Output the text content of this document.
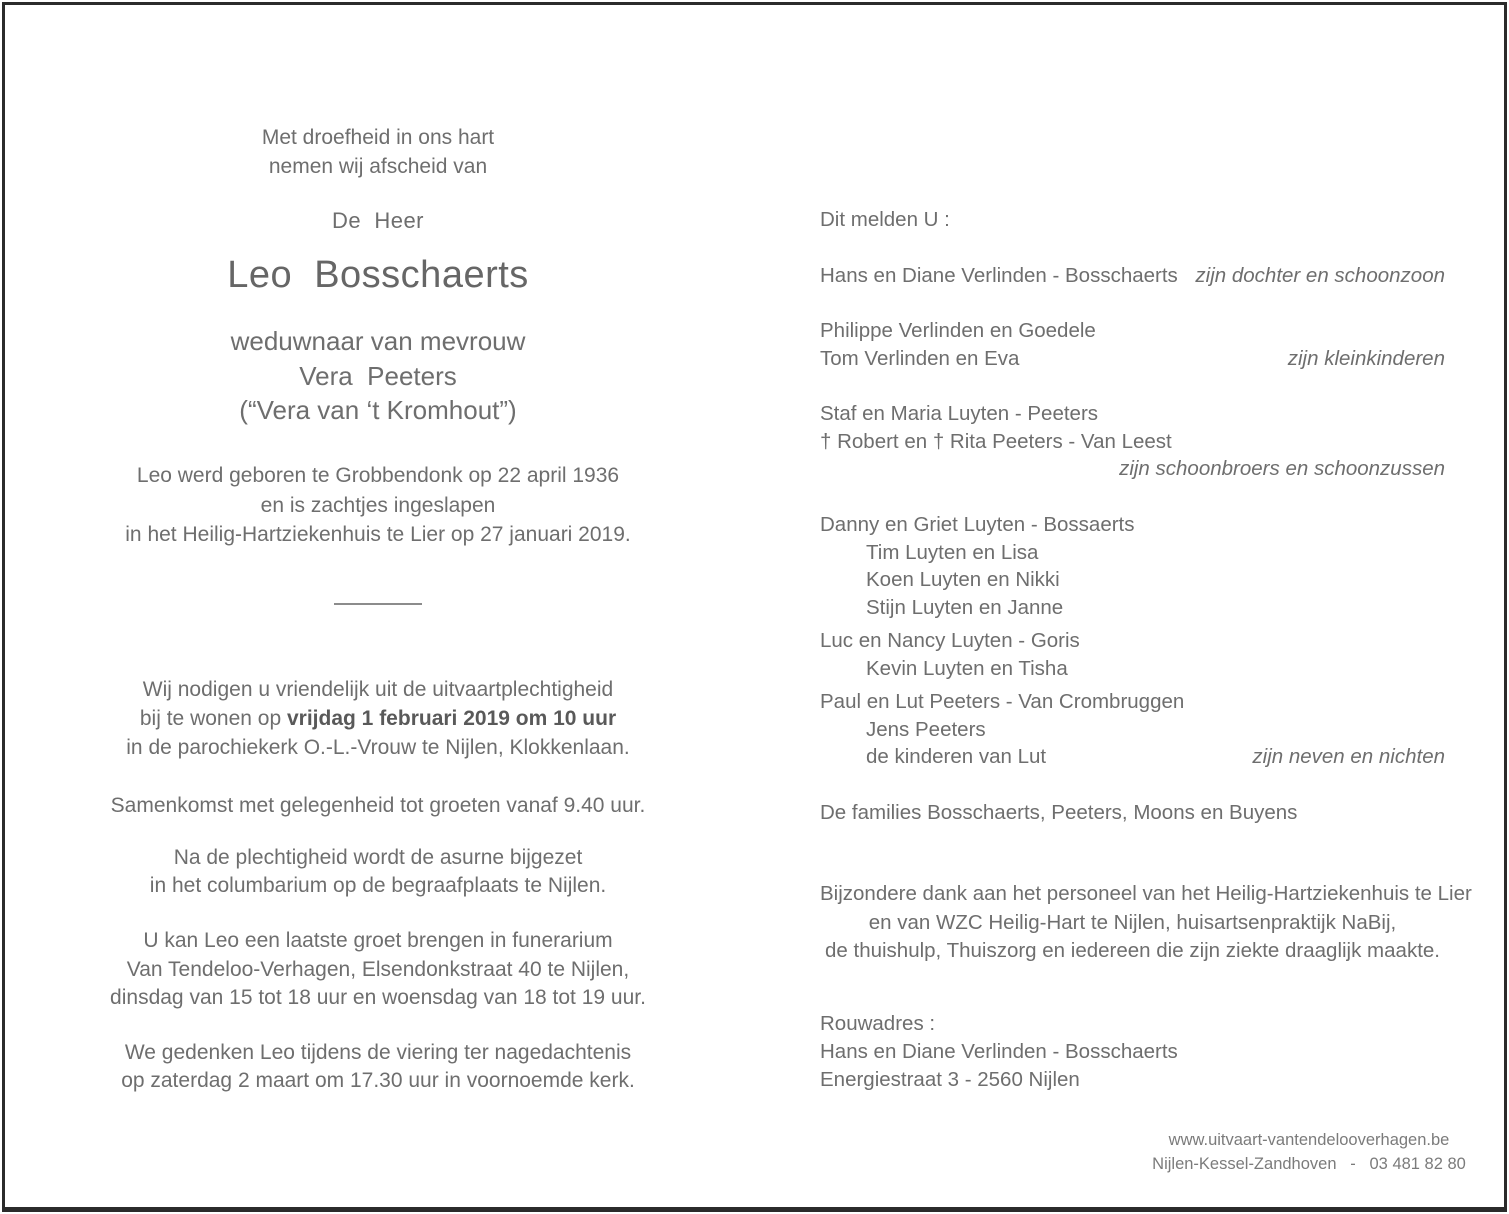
Met droefheid in ons hart
nemen wij afscheid van
De  Heer
Leo  Bosschaerts
weduwnaar van mevrouw
Vera  Peeters
(“Vera van ‘t Kromhout”)
Leo werd geboren te Grobbendonk op 22 april 1936
en is zachtjes ingeslapen
in het Heilig-Hartziekenhuis te Lier op 27 januari 2019.
Wij nodigen u vriendelijk uit de uitvaartplechtigheid
bij te wonen op vrijdag 1 februari 2019 om 10 uur
in de parochiekerk O.-L.-Vrouw te Nijlen, Klokkenlaan.
Samenkomst met gelegenheid tot groeten vanaf 9.40 uur.
Na de plechtigheid wordt de asurne bijgezet
in het columbarium op de begraafplaats te Nijlen.
U kan Leo een laatste groet brengen in funerarium
Van Tendeloo-Verhagen, Elsendonkstraat 40 te Nijlen,
dinsdag van 15 tot 18 uur en woensdag van 18 tot 19 uur.
We gedenken Leo tijdens de viering ter nagedachtenis
op zaterdag 2 maart om 17.30 uur in voornoemde kerk.
Dit melden U :
Hans en Diane Verlinden - Bosschaerts zijn dochter en schoonzoon
Philippe Verlinden en Goedele
Tom Verlinden en Eva	zijn kleinkinderen
Staf en Maria Luyten - Peeters
† Robert en † Rita Peeters - Van Leest
zijn schoonbroers en schoonzussen
Danny en Griet Luyten - Bossaerts
Tim Luyten en Lisa
Koen Luyten en Nikki
Stijn Luyten en Janne
Luc en Nancy Luyten - Goris
Kevin Luyten en Tisha
Paul en Lut Peeters - Van Crombruggen
Jens Peeters
de kinderen van Lut	zijn neven en nichten
De families Bosschaerts, Peeters, Moons en Buyens
Bijzondere dank aan het personeel van het Heilig-Hartziekenhuis te Lier
en van WZC Heilig-Hart te Nijlen, huisartsenpraktijk NaBij,
de thuishulp, Thuiszorg en iedereen die zijn ziekte draaglijk maakte.
Rouwadres :
Hans en Diane Verlinden - Bosschaerts
Energiestraat 3 - 2560 Nijlen
www.uitvaart-vantendelooverhagen.be
Nijlen-Kessel-Zandhoven   -   03 481 82 80
